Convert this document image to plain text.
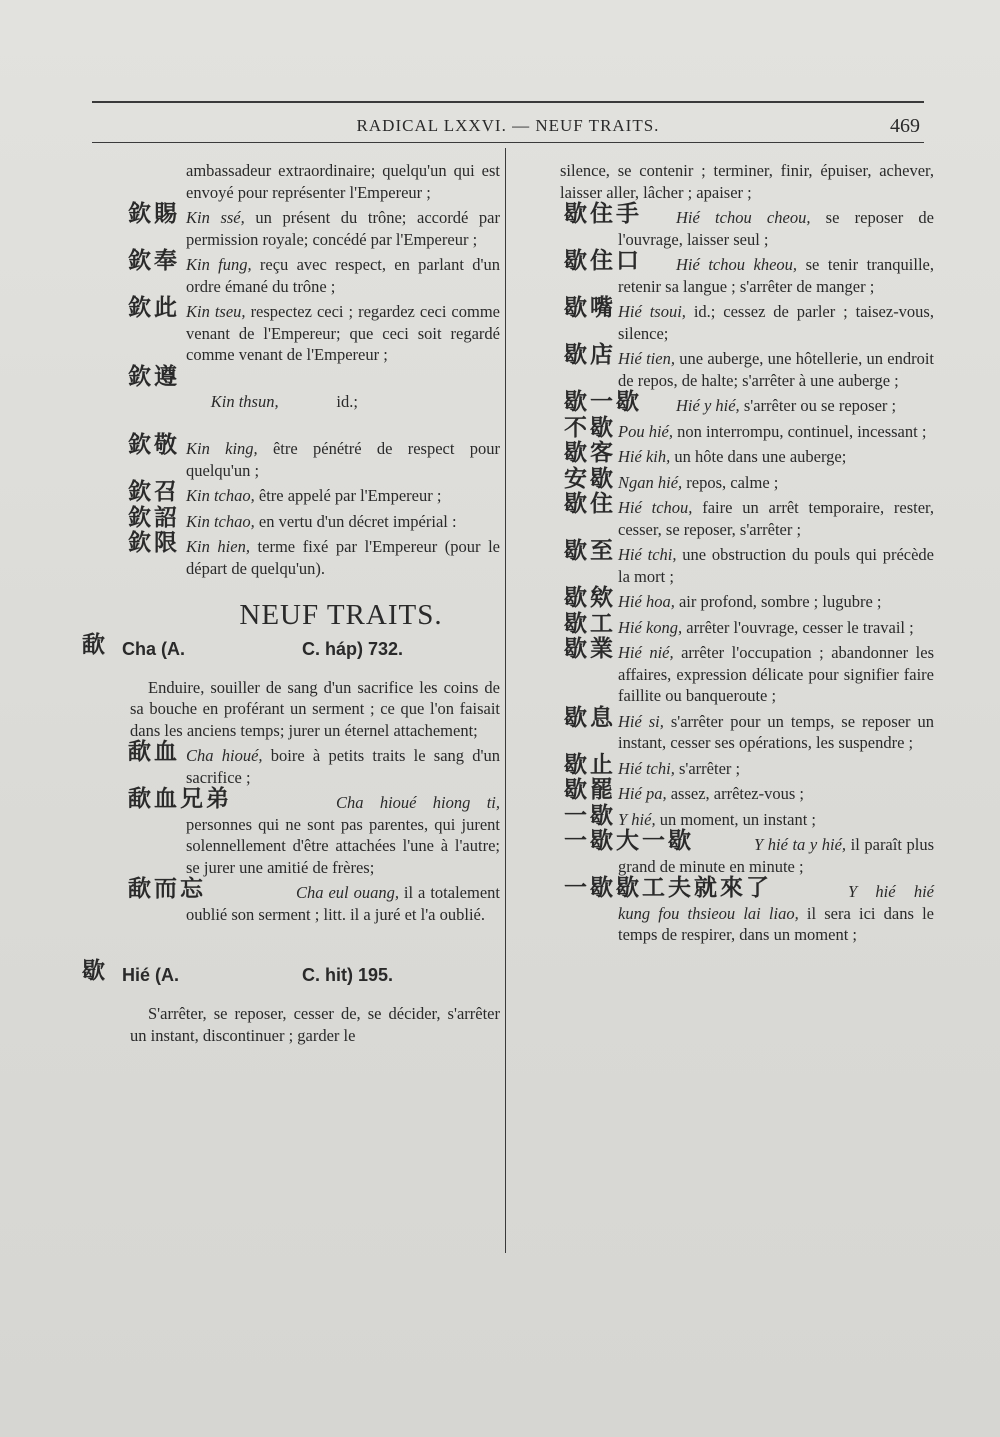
RADICAL LXXVI. — NEUF TRAITS.	469
ambassadeur extraordinaire; quelqu'un qui est envoyé pour représenter l'Empereur ;
欽賜 Kin ssé, un présent du trône; accordé par permission royale; concédé par l'Empereur ;
欽奉 Kin fung, reçu avec respect, en parlant d'un ordre émané du trône ;
欽此 Kin tseu, respectez ceci ; regardez ceci comme venant de l'Empereur; que ceci soit regardé comme venant de l'Empereur ;

欽遵
Kin thsun,              id.;

欽敬 Kin king, être pénétré de respect pour quelqu'un ;
欽召 Kin tchao, être appelé par l'Empereur ;
欽詔 Kin tchao, en vertu d'un décret impérial :
欽限 Kin hien, terme fixé par l'Empereur (pour le départ de quelqu'un).
NEUF TRAITS.
歃 Cha (A.	C. háp) 732.
Enduire, souiller de sang d'un sacrifice les coins de sa bouche en proférant un serment ; ce que l'on faisait dans les anciens temps; jurer un éternel attachement;
歃血 Cha hioué, boire à petits traits le sang d'un sacrifice ;
歃血兄弟	Cha hioué hiong ti, personnes qui ne sont pas parentes, qui jurent solennellement d'être attachées l'une à l'autre; se jurer une amitié de frères;
歃而忘	Cha eul ouang, il a totalement oublié son serment ; litt. il a juré et l'a oublié.
歇 Hié (A.	C. hit) 195.
S'arrêter, se reposer, cesser de, se décider, s'arrêter un instant, discontinuer ; garder le
silence, se contenir ; terminer, finir, épuiser, achever, laisser aller, lâcher ; apaiser ;
歇住手 Hié tchou cheou, se reposer de l'ouvrage, laisser seul ;
歇住口 Hié tchou kheou, se tenir tranquille, retenir sa langue ; s'arrêter de manger ;
歇嘴 Hié tsoui, id.; cessez de parler ; taisez-vous, silence;
歇店 Hié tien, une auberge, une hôtellerie, un endroit de repos, de halte; s'arrêter à une auberge ;
歇一歇 Hié y hié, s'arrêter ou se reposer ;
不歇 Pou hié, non interrompu, continuel, incessant ;
歇客 Hié kih, un hôte dans une auberge;
安歇 Ngan hié, repos, calme ;
歇住 Hié tchou, faire un arrêt temporaire, rester, cesser, se reposer, s'arrêter ;
歇至 Hié tchi, une obstruction du pouls qui précède la mort ;
歇欸 Hié hoa, air profond, sombre ; lugubre ;
歇工 Hié kong, arrêter l'ouvrage, cesser le travail ;
歇業 Hié nié, arrêter l'occupation ; abandonner les affaires, expression délicate pour signifier faire faillite ou banqueroute ;
歇息 Hié si, s'arrêter pour un temps, se reposer un instant, cesser ses opérations, les suspendre ;
歇止 Hié tchi, s'arrêter ;
歇罷 Hié pa, assez, arrêtez-vous ;
一歇 Y hié, un moment, un instant ;
一歇大一歇	Y hié ta y hié, il paraît plus grand de minute en minute ;
一歇歇工夫就來了	Y hié hié kung fou thsieou lai liao, il sera ici dans le temps de respirer, dans un moment ;
